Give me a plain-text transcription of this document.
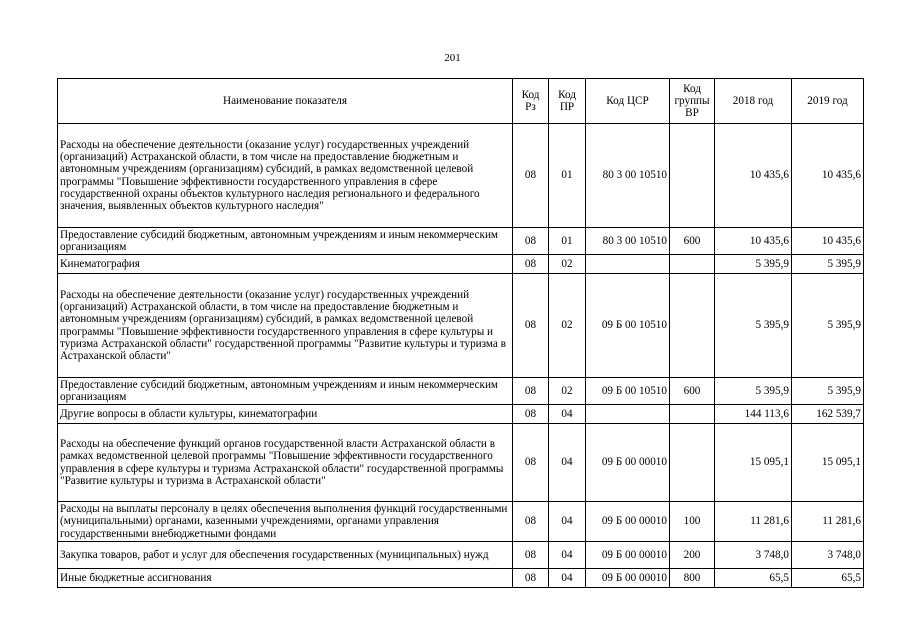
201
Наименование показателя	Код Рз	Код ПР	Код ЦСР	Код группы ВР	2018 год	2019 год
Расходы на обеспечение деятельности (оказание услуг) государственных учреждений (организаций) Астраханской области, в том числе на предоставление бюджетным и автономным учреждениям (организациям) субсидий, в рамках ведомственной целевой программы "Повышение эффективности государственного управления в сфере государственной охраны объектов культурного наследия регионального и федерального значения, выявленных объектов культурного наследия"	08	01	80 3 00 10510		10 435,6	10 435,6
Предоставление субсидий бюджетным, автономным учреждениям и иным некоммерческим организациям	08	01	80 3 00 10510	600	10 435,6	10 435,6
Кинематография	08	02			5 395,9	5 395,9
Расходы на обеспечение деятельности (оказание услуг) государственных учреждений (организаций) Астраханской области, в том числе на предоставление бюджетным и автономным учреждениям (организациям) субсидий, в рамках ведомственной целевой программы "Повышение эффективности государственного управления в сфере культуры и туризма Астраханской области" государственной программы "Развитие культуры и туризма в Астраханской области"	08	02	09 Б 00 10510		5 395,9	5 395,9
Предоставление субсидий бюджетным, автономным учреждениям и иным некоммерческим организациям	08	02	09 Б 00 10510	600	5 395,9	5 395,9
Другие вопросы в области культуры, кинематографии	08	04			144 113,6	162 539,7
Расходы на обеспечение функций органов государственной власти Астраханской области в рамках ведомственной целевой программы "Повышение эффективности государственного управления в сфере культуры и туризма Астраханской области" государственной программы "Развитие культуры и туризма в Астраханской области"	08	04	09 Б 00 00010		15 095,1	15 095,1
Расходы на выплаты персоналу в целях обеспечения выполнения функций государственными (муниципальными) органами, казенными учреждениями, органами управления государственными внебюджетными фондами	08	04	09 Б 00 00010	100	11 281,6	11 281,6
Закупка товаров, работ и услуг для обеспечения государственных (муниципальных) нужд	08	04	09 Б 00 00010	200	3 748,0	3 748,0
Иные бюджетные ассигнования	08	04	09 Б 00 00010	800	65,5	65,5
